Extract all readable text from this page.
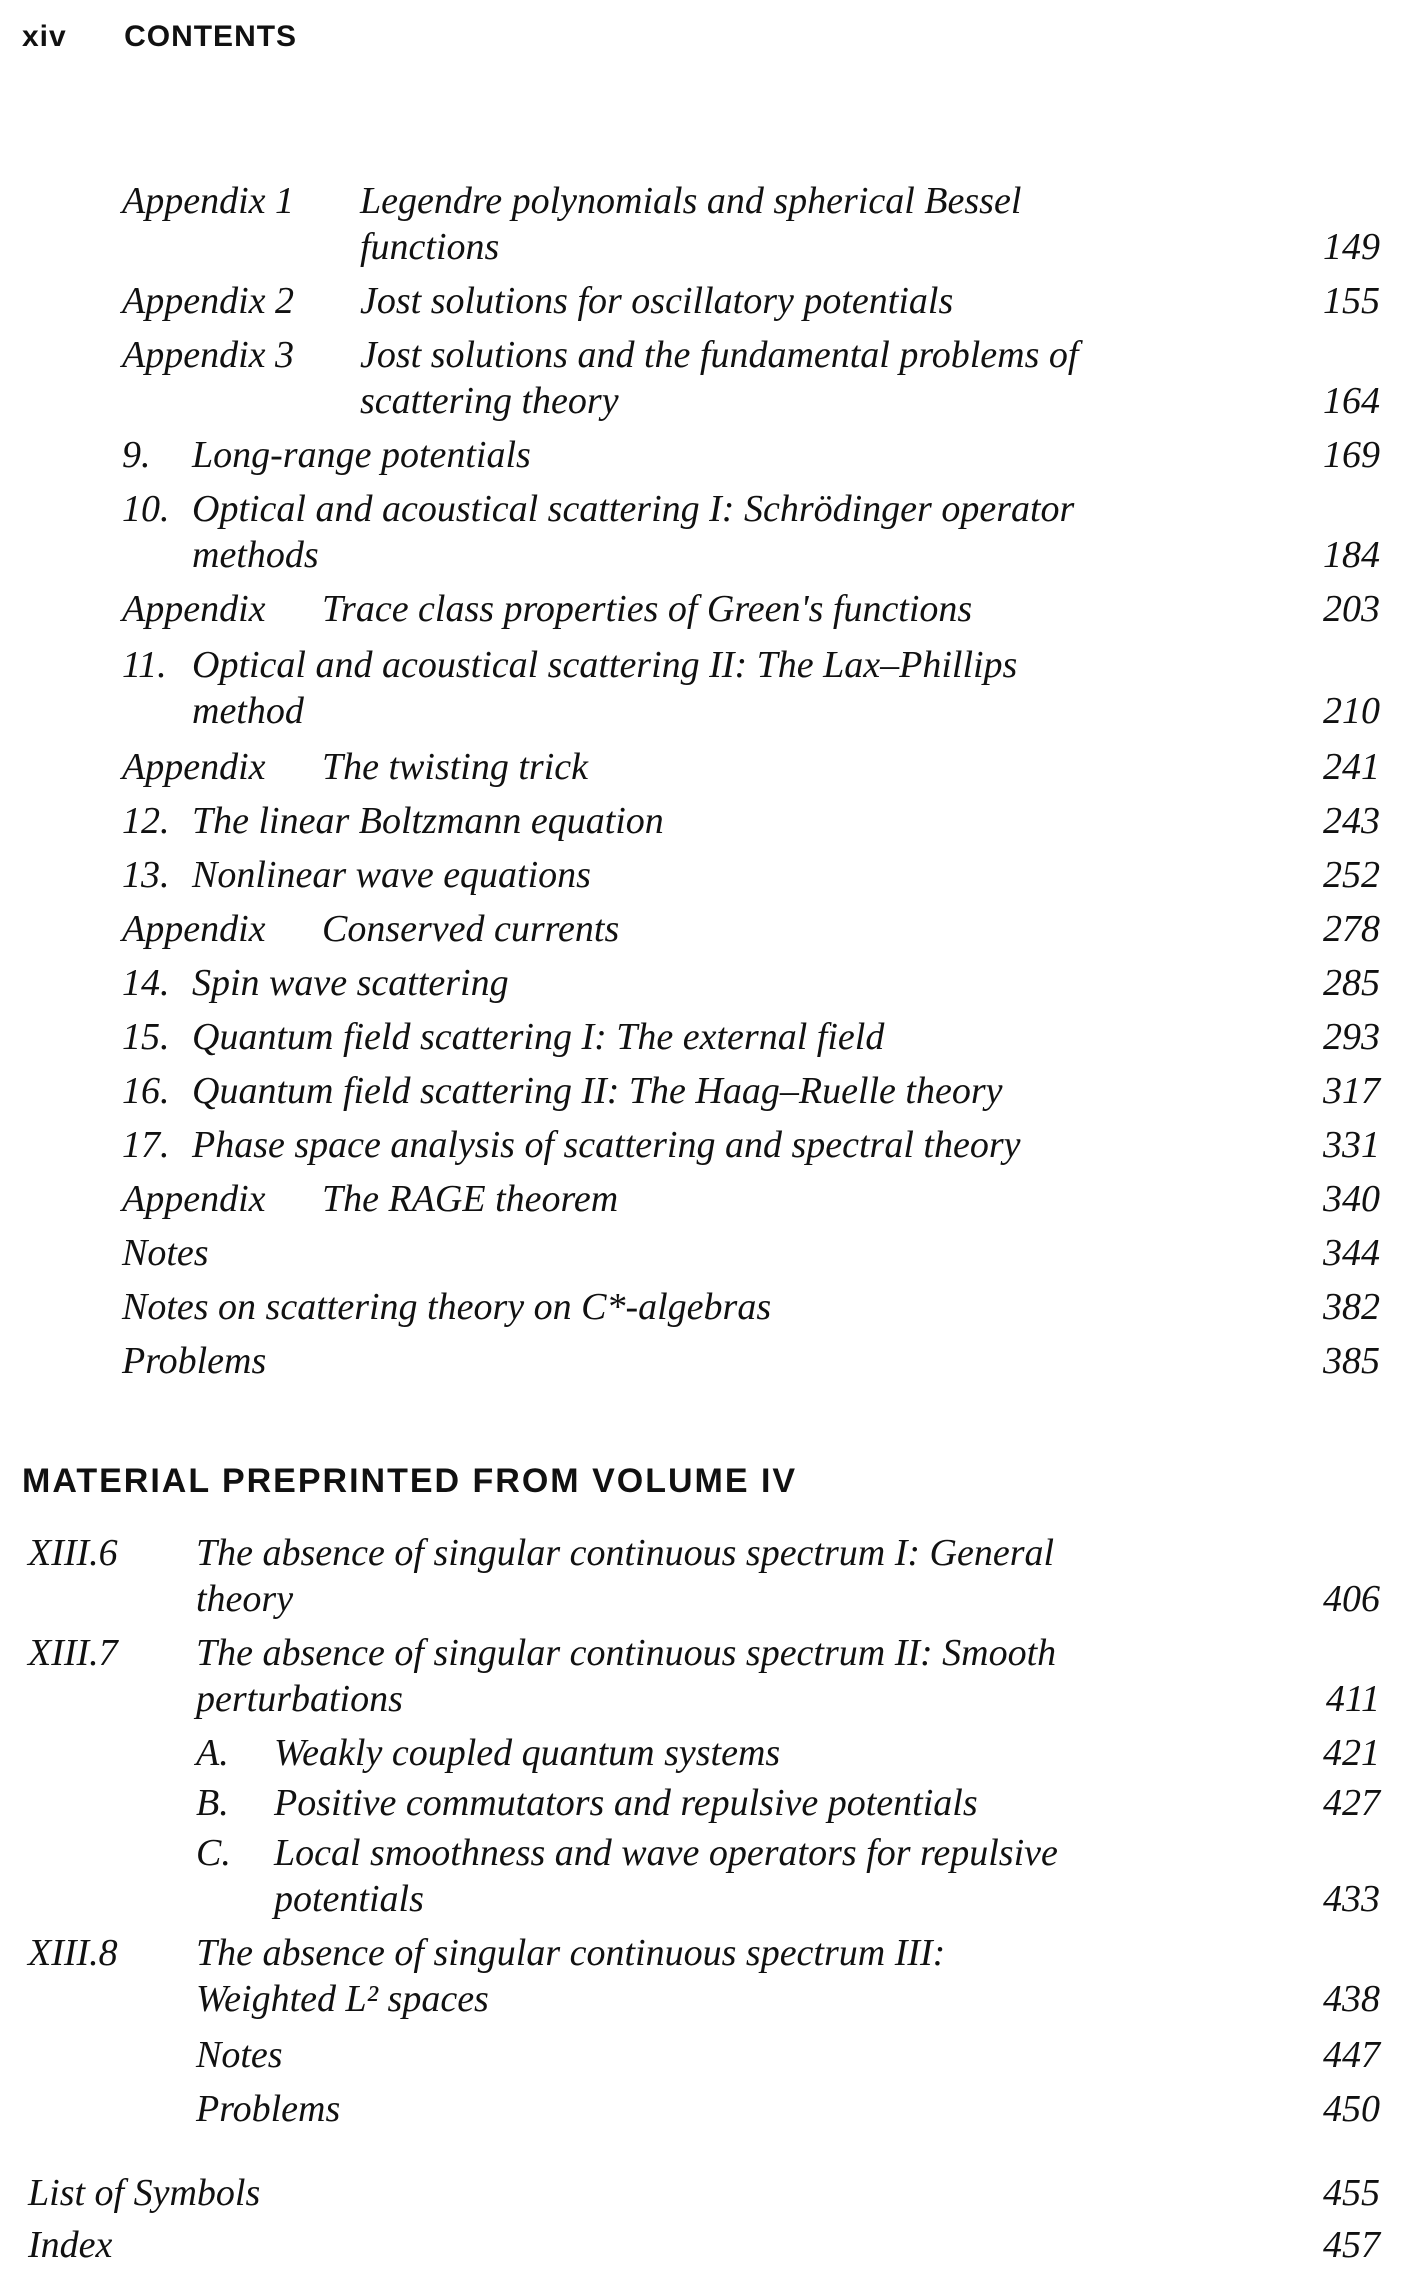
xiv CONTENTS
Appendix 1 Legendre polynomials and spherical Bessel
functions	149
Appendix 2 Jost solutions for oscillatory potentials	155
Appendix 3 Jost solutions and the fundamental problems of
scattering theory	164
9. Long-range potentials	169
10. Optical and acoustical scattering I: Schrödinger operator
methods	184
Appendix Trace class properties of Green's functions	203
11. Optical and acoustical scattering II: The Lax–Phillips
method	210
Appendix The twisting trick	241
12. The linear Boltzmann equation	243
13. Nonlinear wave equations	252
Appendix Conserved currents	278
14. Spin wave scattering	285
15. Quantum field scattering I: The external field	293
16. Quantum field scattering II: The Haag–Ruelle theory	317
17. Phase space analysis of scattering and spectral theory	331
Appendix The RAGE theorem	340
Notes	344
Notes on scattering theory on C*-algebras	382
Problems	385
MATERIAL PREPRINTED FROM VOLUME IV
XIII.6 The absence of singular continuous spectrum I: General
theory	406
XIII.7 The absence of singular continuous spectrum II: Smooth
perturbations	411
A. Weakly coupled quantum systems	421
B. Positive commutators and repulsive potentials	427
C. Local smoothness and wave operators for repulsive
potentials	433
XIII.8 The absence of singular continuous spectrum III:
Weighted L² spaces	438
Notes	447
Problems	450
List of Symbols	455
Index	457
